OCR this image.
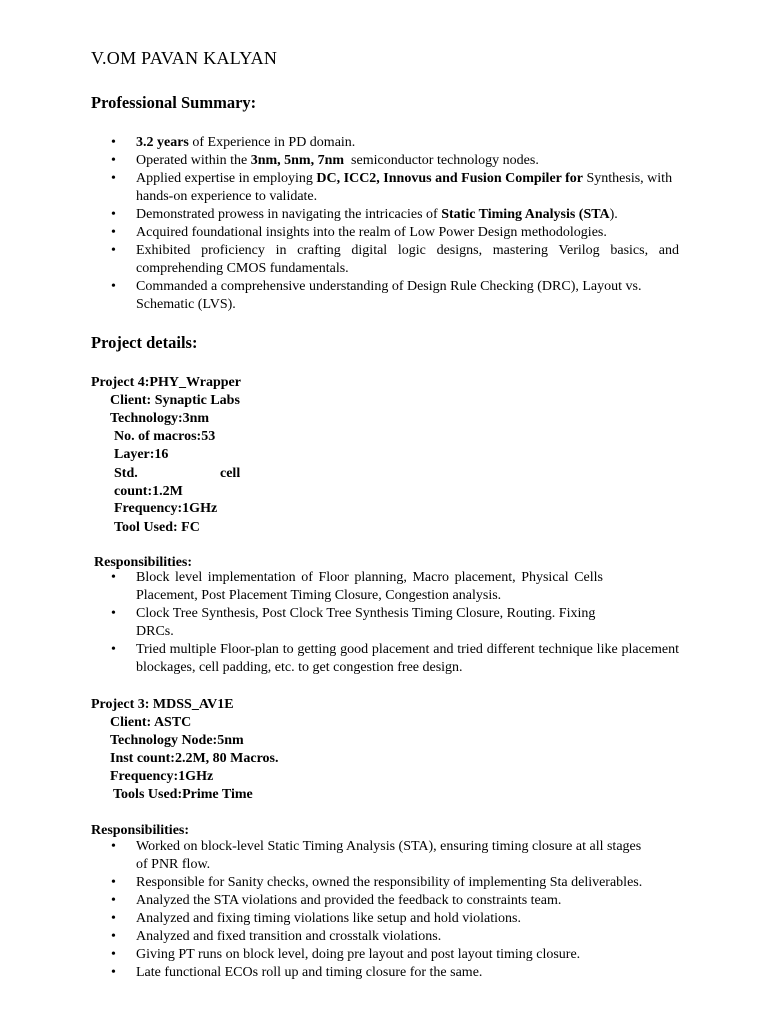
V.OM PAVAN KALYAN
Professional Summary:
• 3.2 years of Experience in PD domain.
• Operated within the 3nm, 5nm, 7nm  semiconductor technology nodes.
• Applied expertise in employing DC, ICC2, Innovus and Fusion Compiler for Synthesis, with hands-on experience to validate.
• Demonstrated prowess in navigating the intricacies of Static Timing Analysis (STA).
• Acquired foundational insights into the realm of Low Power Design methodologies.
• Exhibited proficiency in crafting digital logic designs, mastering Verilog basics, and comprehending CMOS fundamentals.
• Commanded a comprehensive understanding of Design Rule Checking (DRC), Layout vs. Schematic (LVS).
Project details:
Project 4:PHY_Wrapper
Client: Synaptic Labs
Technology:3nm
No. of macros:53
Layer:16
Std.	cell
count:1.2M
Frequency:1GHz
Tool Used: FC
Responsibilities:
• Block level implementation of Floor planning, Macro placement, Physical Cells Placement, Post Placement Timing Closure, Congestion analysis.
• Clock Tree Synthesis, Post Clock Tree Synthesis Timing Closure, Routing. Fixing DRCs.
• Tried multiple Floor-plan to getting good placement and tried different technique like placement blockages, cell padding, etc. to get congestion free design.
Project 3: MDSS_AV1E
Client: ASTC
Technology Node:5nm
Inst count:2.2M, 80 Macros.
Frequency:1GHz
Tools Used:Prime Time
Responsibilities:
• Worked on block-level Static Timing Analysis (STA), ensuring timing closure at all stages of PNR flow.
• Responsible for Sanity checks, owned the responsibility of implementing Sta deliverables.
• Analyzed the STA violations and provided the feedback to constraints team.
• Analyzed and fixing timing violations like setup and hold violations.
• Analyzed and fixed transition and crosstalk violations.
• Giving PT runs on block level, doing pre layout and post layout timing closure.
• Late functional ECOs roll up and timing closure for the same.
